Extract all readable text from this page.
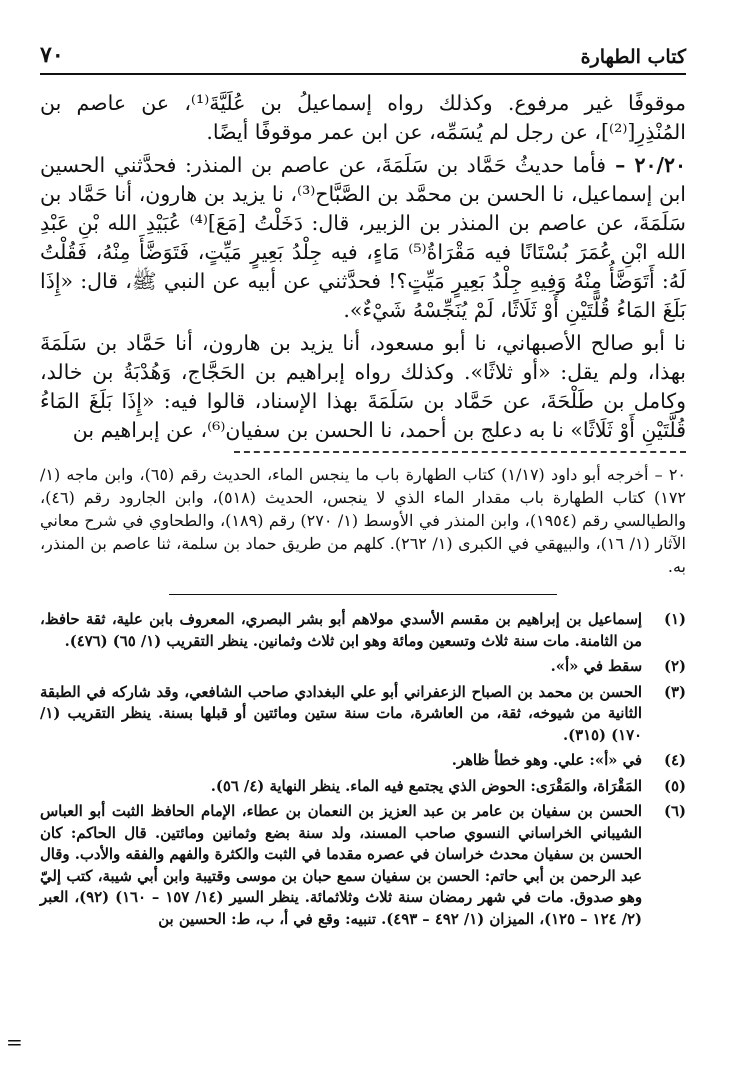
٧٠	كتاب الطهارة

موقوفًا غير مرفوع. وكذلك رواه إسماعيلُ بن عُلَيَّةَ⁽¹⁾، عن عاصم بن المُنْذِرِ[⁽²⁾]، عن رجل لم يُسَمِّه، عن ابن عمر موقوفًا أيضًا.

٢٠/٢٠ – فأما حديثُ حَمَّاد بن سَلَمَةَ، عن عاصم بن المنذر: فحدَّثني الحسين ابن إسماعيل، نا الحسن بن محمَّد بن الصَّبَّاح⁽³⁾، نا يزيد بن هارون، أنا حَمَّاد بن سَلَمَةَ، عن عاصم بن المنذر بن الزبير، قال: دَخَلْتُ [مَعَ]⁽⁴⁾ عُبَيْدِ الله بْنِ عَبْدِ الله ابْنِ عُمَرَ بُسْتَانًا فيه مَقْرَاةُ⁽⁵⁾ مَاءٍ، فيه جِلْدُ بَعِيرٍ مَيِّتٍ، فَتَوَضَّأَ مِنْهُ، فَقُلْتُ لَهُ: أَتَوَضَّأُ مِنْهُ وَفِيهِ جِلْدُ بَعِيرٍ مَيِّتٍ؟! فحدَّثني عن أبيه عن النبي ﷺ، قال: «إِذَا بَلَغَ المَاءُ قُلَّتَيْنِ أَوْ ثَلَاثًا، لَمْ يُنَجِّسْهُ شَيْءٌ».

نا أبو صالح الأصبهاني، نا أبو مسعود، أنا يزيد بن هارون، أنا حَمَّاد بن سَلَمَةَ بهذا، ولم يقل: «أو ثلاثًا». وكذلك رواه إبراهيم بن الحَجَّاج، وَهُدْبَةُ بن خالد، وكامل بن طَلْحَةَ، عن حَمَّاد بن سَلَمَةَ بهذا الإسناد، قالوا فيه: «إِذَا بَلَغَ المَاءُ قُلَّتَيْنِ أَوْ ثَلَاثًا» نا به دعلج بن أحمد، نا الحسن بن سفيان⁽⁶⁾، عن إبراهيم بن

٢٠ – أخرجه أبو داود (١/١٧) كتاب الطهارة باب ما ينجس الماء، الحديث رقم (٦٥)، وابن ماجه (١/ ١٧٢) كتاب الطهارة باب مقدار الماء الذي لا ينجس، الحديث (٥١٨)، وابن الجارود رقم (٤٦)، والطيالسي رقم (١٩٥٤)، وابن المنذر في الأوسط (١/ ٢٧٠) رقم (١٨٩)، والطحاوي في شرح معاني الآثار (١/ ١٦)، والبيهقي في الكبرى (١/ ٢٦٢). كلهم من طريق حماد بن سلمة، ثنا عاصم بن المنذر، به.

(١)
إسماعيل بن إبراهيم بن مقسم الأسدي مولاهم أبو بشر البصري، المعروف بابن علية، ثقة حافظ، من الثامنة. مات سنة ثلاث وتسعين ومائة وهو ابن ثلاث وثمانين. ينظر التقريب (١/ ٦٥) (٤٧٦).
(٢)
سقط في «أ».
(٣)
الحسن بن محمد بن الصباح الزعفراني أبو علي البغدادي صاحب الشافعي، وقد شاركه في الطبقة الثانية من شيوخه، ثقة، من العاشرة، مات سنة ستين ومائتين أو قبلها بسنة. ينظر التقريب (١/ ١٧٠) (٣١٥).
(٤)
في «أ»: علي. وهو خطأ ظاهر.
(٥)
المَقْرَاة، والمَقْرَى: الحوض الذي يجتمع فيه الماء. ينظر النهاية (٤/ ٥٦).
(٦)
الحسن بن سفيان بن عامر بن عبد العزيز بن النعمان بن عطاء، الإمام الحافظ الثبت أبو العباس الشيباني الخراساني النسوي صاحب المسند، ولد سنة بضع وثمانين ومائتين. قال الحاكم: كان الحسن بن سفيان محدث خراسان في عصره مقدما في الثبت والكثرة والفهم والفقه والأدب. وقال عبد الرحمن بن أبي حاتم: الحسن بن سفيان سمع حبان بن موسى وقتيبة وابن أبي شيبة، كتب إليّ وهو صدوق. مات في شهر رمضان سنة ثلاث وثلاثمائة. ينظر السير (١٤/ ١٥٧ – ١٦٠) (٩٢)، العبر (٢/ ١٢٤ – ١٢٥)، الميزان (١/ ٤٩٢ – ٤٩٣). تنبيه: وقع في أ، ب، ط: الحسين بن
=
